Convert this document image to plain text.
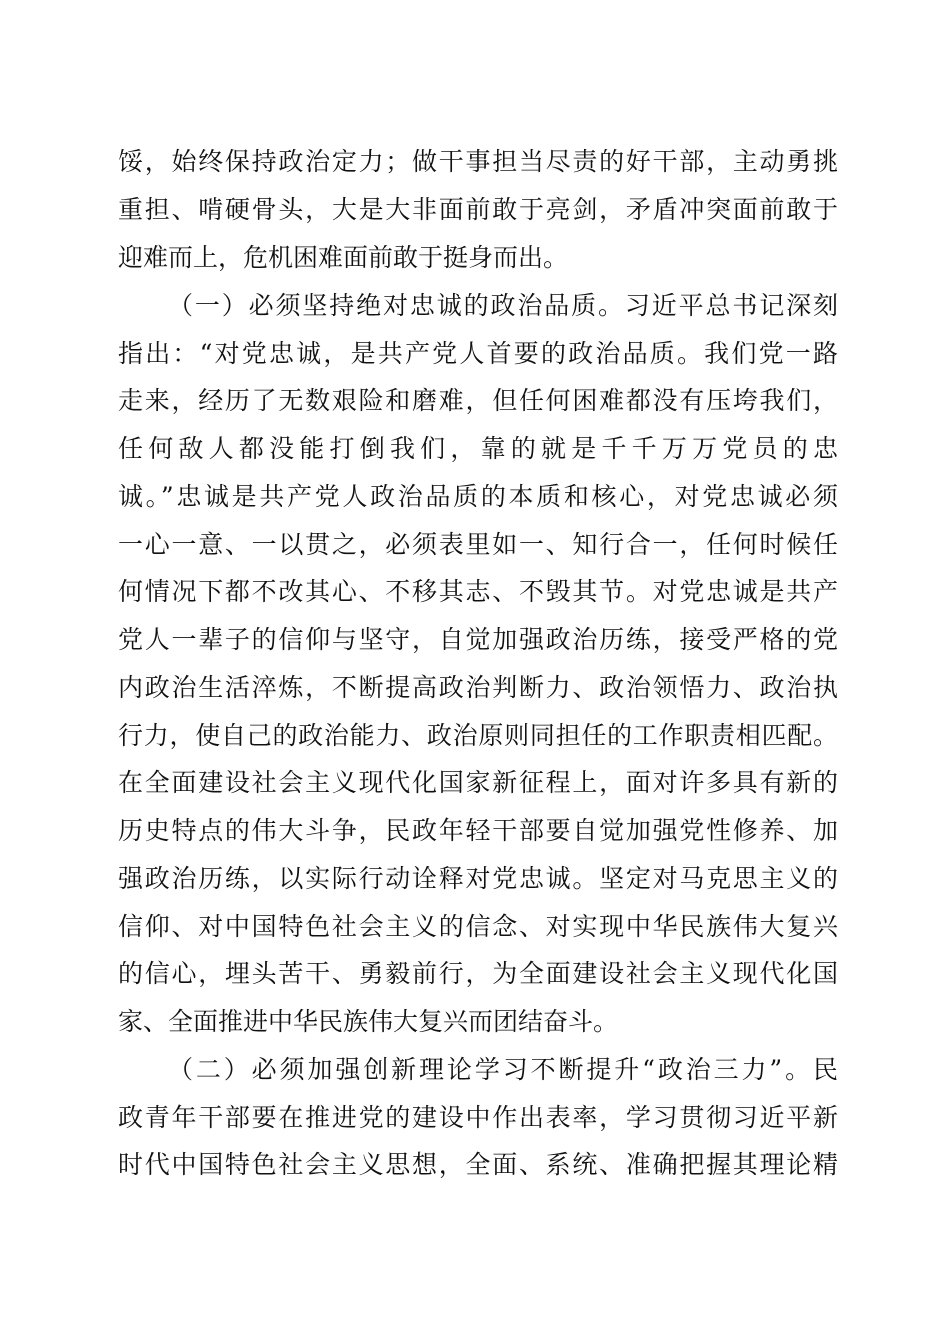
馁，始终保持政治定力；做干事担当尽责的好干部，主动勇挑
重担、啃硬骨头，大是大非面前敢于亮剑，矛盾冲突面前敢于
迎难而上，危机困难面前敢于挺身而出。
（一）必须坚持绝对忠诚的政治品质。习近平总书记深刻
指出：“对党忠诚，是共产党人首要的政治品质。我们党一路
走来，经历了无数艰险和磨难，但任何困难都没有压垮我们，
任何敌人都没能打倒我们，靠的就是千千万万党员的忠
诚。”忠诚是共产党人政治品质的本质和核心，对党忠诚必须
一心一意、一以贯之，必须表里如一、知行合一，任何时候任
何情况下都不改其心、不移其志、不毁其节。对党忠诚是共产
党人一辈子的信仰与坚守，自觉加强政治历练，接受严格的党
内政治生活淬炼，不断提高政治判断力、政治领悟力、政治执
行力，使自己的政治能力、政治原则同担任的工作职责相匹配。
在全面建设社会主义现代化国家新征程上，面对许多具有新的
历史特点的伟大斗争，民政年轻干部要自觉加强党性修养、加
强政治历练，以实际行动诠释对党忠诚。坚定对马克思主义的
信仰、对中国特色社会主义的信念、对实现中华民族伟大复兴
的信心，埋头苦干、勇毅前行，为全面建设社会主义现代化国
家、全面推进中华民族伟大复兴而团结奋斗。
（二）必须加强创新理论学习不断提升“政治三力”。民
政青年干部要在推进党的建设中作出表率，学习贯彻习近平新
时代中国特色社会主义思想，全面、系统、准确把握其理论精
